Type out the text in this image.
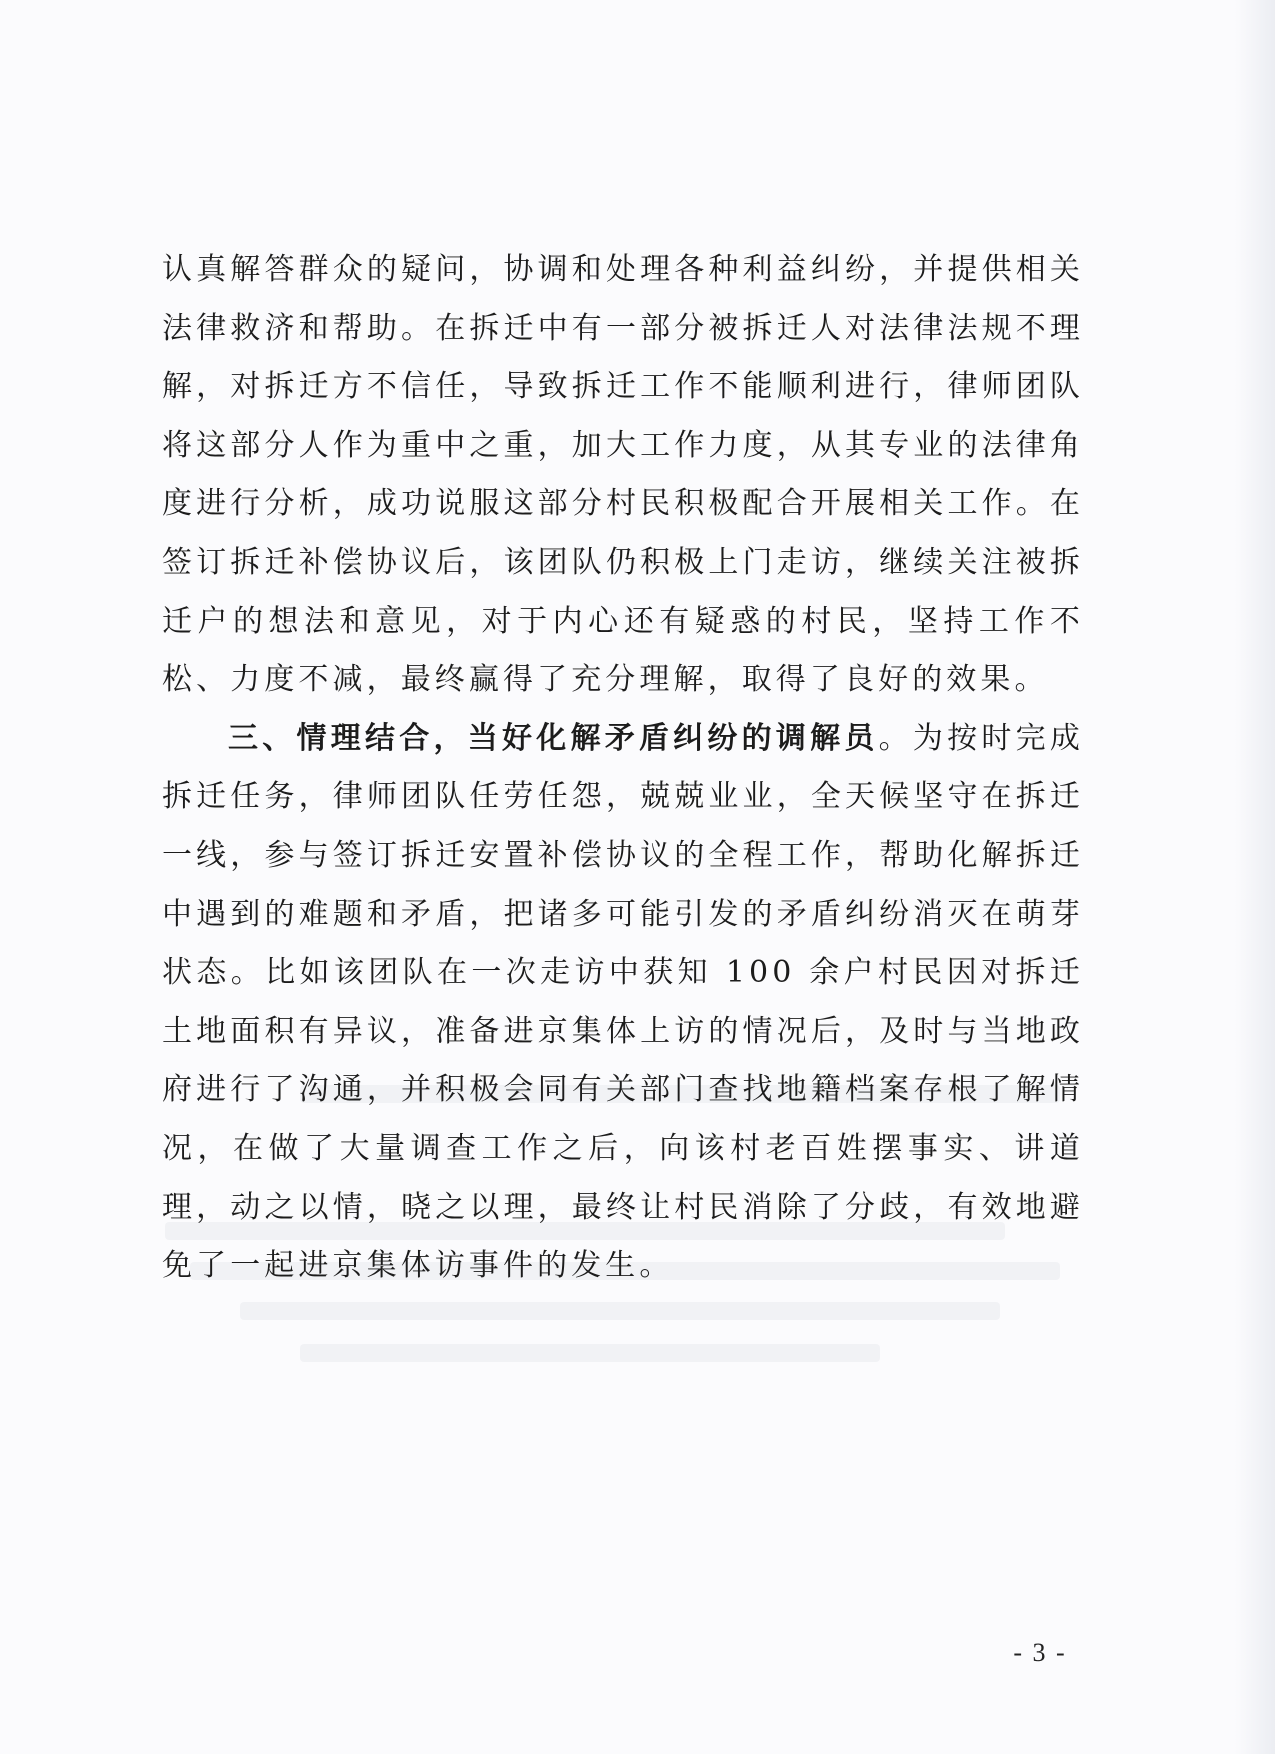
认真解答群众的疑问，协调和处理各种利益纠纷，并提供相关法律救济和帮助。在拆迁中有一部分被拆迁人对法律法规不理解，对拆迁方不信任，导致拆迁工作不能顺利进行，律师团队将这部分人作为重中之重，加大工作力度，从其专业的法律角度进行分析，成功说服这部分村民积极配合开展相关工作。在签订拆迁补偿协议后，该团队仍积极上门走访，继续关注被拆迁户的想法和意见，对于内心还有疑惑的村民，坚持工作不松、力度不减，最终赢得了充分理解，取得了良好的效果。

三、情理结合，当好化解矛盾纠纷的调解员。为按时完成拆迁任务，律师团队任劳任怨，兢兢业业，全天候坚守在拆迁一线，参与签订拆迁安置补偿协议的全程工作，帮助化解拆迁中遇到的难题和矛盾，把诸多可能引发的矛盾纠纷消灭在萌芽状态。比如该团队在一次走访中获知 100 余户村民因对拆迁土地面积有异议，准备进京集体上访的情况后，及时与当地政府进行了沟通，并积极会同有关部门查找地籍档案存根了解情况，在做了大量调查工作之后，向该村老百姓摆事实、讲道理，动之以情，晓之以理，最终让村民消除了分歧，有效地避免了一起进京集体访事件的发生。

- 3 -
